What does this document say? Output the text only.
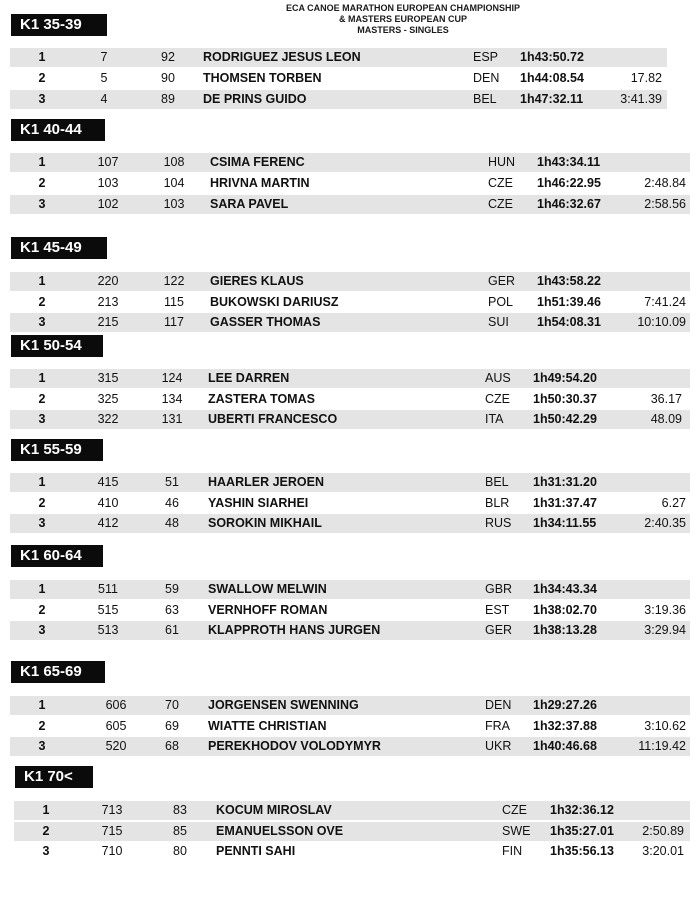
ECA CANOE MARATHON EUROPEAN CHAMPIONSHIP
& MASTERS EUROPEAN CUP
MASTERS - SINGLES
K1 35-39
1	7	92	RODRIGUEZ JESUS LEON	ESP 1h43:50.72
2	5	90	THOMSEN TORBEN	DEN 1h44:08.54	17.82
3	4	89	DE PRINS GUIDO	BEL 1h47:32.11	3:41.39
K1 40-44
1	107	108	CSIMA FERENC	HUN 1h43:34.11
2	103	104	HRIVNA MARTIN	CZE 1h46:22.95	2:48.84
3	102	103	SARA PAVEL	CZE 1h46:32.67	2:58.56
K1 45-49
1	220	122	GIERES KLAUS	GER 1h43:58.22
2	213	115	BUKOWSKI DARIUSZ	POL 1h51:39.46	7:41.24
3	215	117	GASSER THOMAS	SUI 1h54:08.31	10:10.09
K1 50-54
1	315	124	LEE DARREN	AUS 1h49:54.20
2	325	134	ZASTERA TOMAS	CZE 1h50:30.37	36.17
3	322	131	UBERTI FRANCESCO	ITA 1h50:42.29	48.09
K1 55-59
1	415	51	HAARLER JEROEN	BEL 1h31:31.20
2	410	46	YASHIN SIARHEI	BLR 1h31:37.47	6.27
3	412	48	SOROKIN MIKHAIL	RUS 1h34:11.55	2:40.35
K1 60-64
1	511	59	SWALLOW MELWIN	GBR 1h34:43.34
2	515	63	VERNHOFF ROMAN	EST 1h38:02.70	3:19.36
3	513	61	KLAPPROTH HANS JURGEN	GER 1h38:13.28	3:29.94
K1 65-69
1	606	70	JORGENSEN SWENNING	DEN 1h29:27.26
2	605	69	WIATTE CHRISTIAN	FRA 1h32:37.88	3:10.62
3	520	68	PEREKHODOV VOLODYMYR	UKR 1h40:46.68	11:19.42
K1 70<
1	713	83	KOCUM MIROSLAV	CZE 1h32:36.12
2	715	85	EMANUELSSON OVE	SWE 1h35:27.01	2:50.89
3	710	80	PENNTI SAHI	FIN 1h35:56.13	3:20.01
